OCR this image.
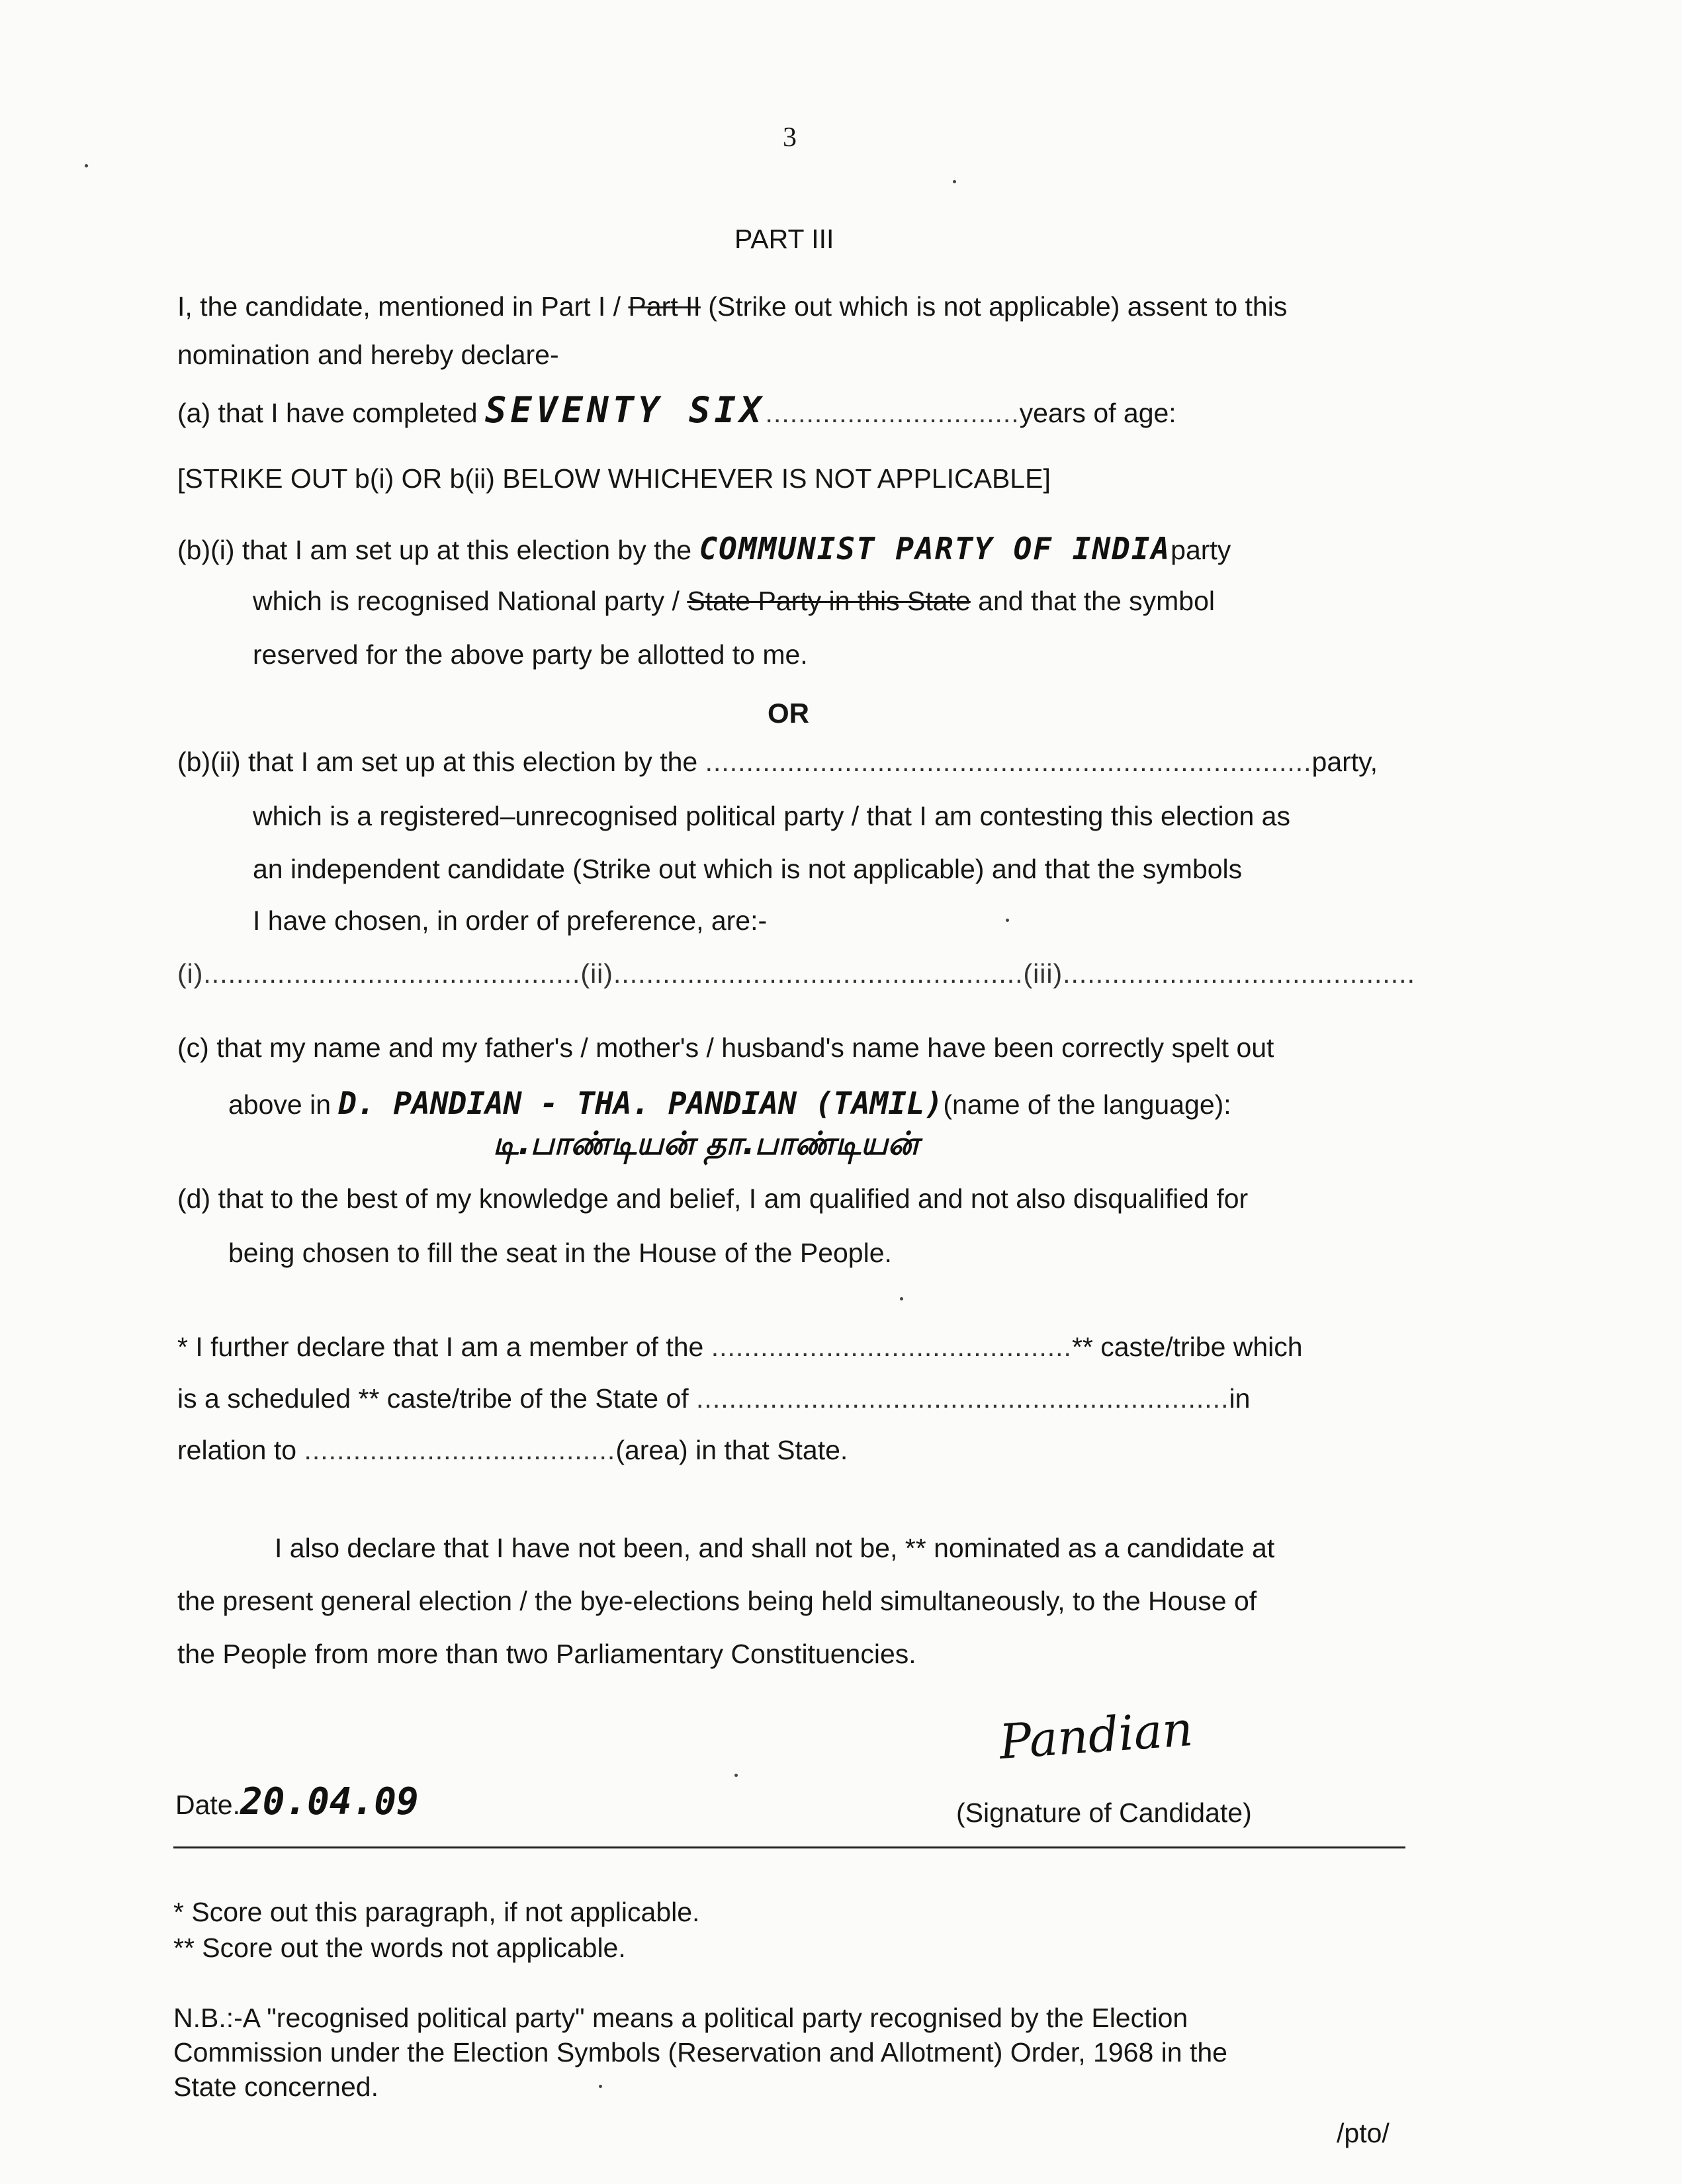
3
PART III
I, the candidate, mentioned in Part I / Part II (Strike out which is not applicable) assent to this
nomination and hereby declare-
(a) that I have completed SEVENTY SIX...............................years of age:
[STRIKE OUT b(i) OR b(ii) BELOW WHICHEVER IS NOT APPLICABLE]
(b)(i) that I am set up at this election by the COMMUNIST PARTY OF INDIAparty
which is recognised National party / State Party in this State and that the symbol
reserved for the above party be allotted to me.
OR
(b)(ii) that I am set up at this election by the ..........................................................................party,
which is a registered–unrecognised political party / that I am contesting this election as
an independent candidate (Strike out which is not applicable) and that the symbols
I have chosen, in order of preference, are:-
(i)..............................................(ii)..................................................(iii)...........................................
(c) that my name and my father's / mother's / husband's name have been correctly spelt out
above in D. PANDIAN - THA. PANDIAN (TAMIL)(name of the language):
டி.பாண்டியன் தா.பாண்டியன்
(d) that to the best of my knowledge and belief, I am qualified and not also disqualified for
being chosen to fill the seat in the House of the People.
* I further declare that I am a member of the ............................................** caste/tribe which
is a scheduled ** caste/tribe of the State of .................................................................in
relation to ......................................(area) in that State.
I also declare that I have not been, and shall not be, ** nominated as a candidate at
the present general election / the bye-elections being held simultaneously, to the House of
the People from more than two Parliamentary Constituencies.
Pandian
Date.20.04.09	(Signature of Candidate)
* Score out this paragraph, if not applicable.
** Score out the words not applicable.
N.B.:-A "recognised political party" means a political party recognised by the Election
Commission under the Election Symbols (Reservation and Allotment) Order, 1968 in the
State concerned.
/pto/
